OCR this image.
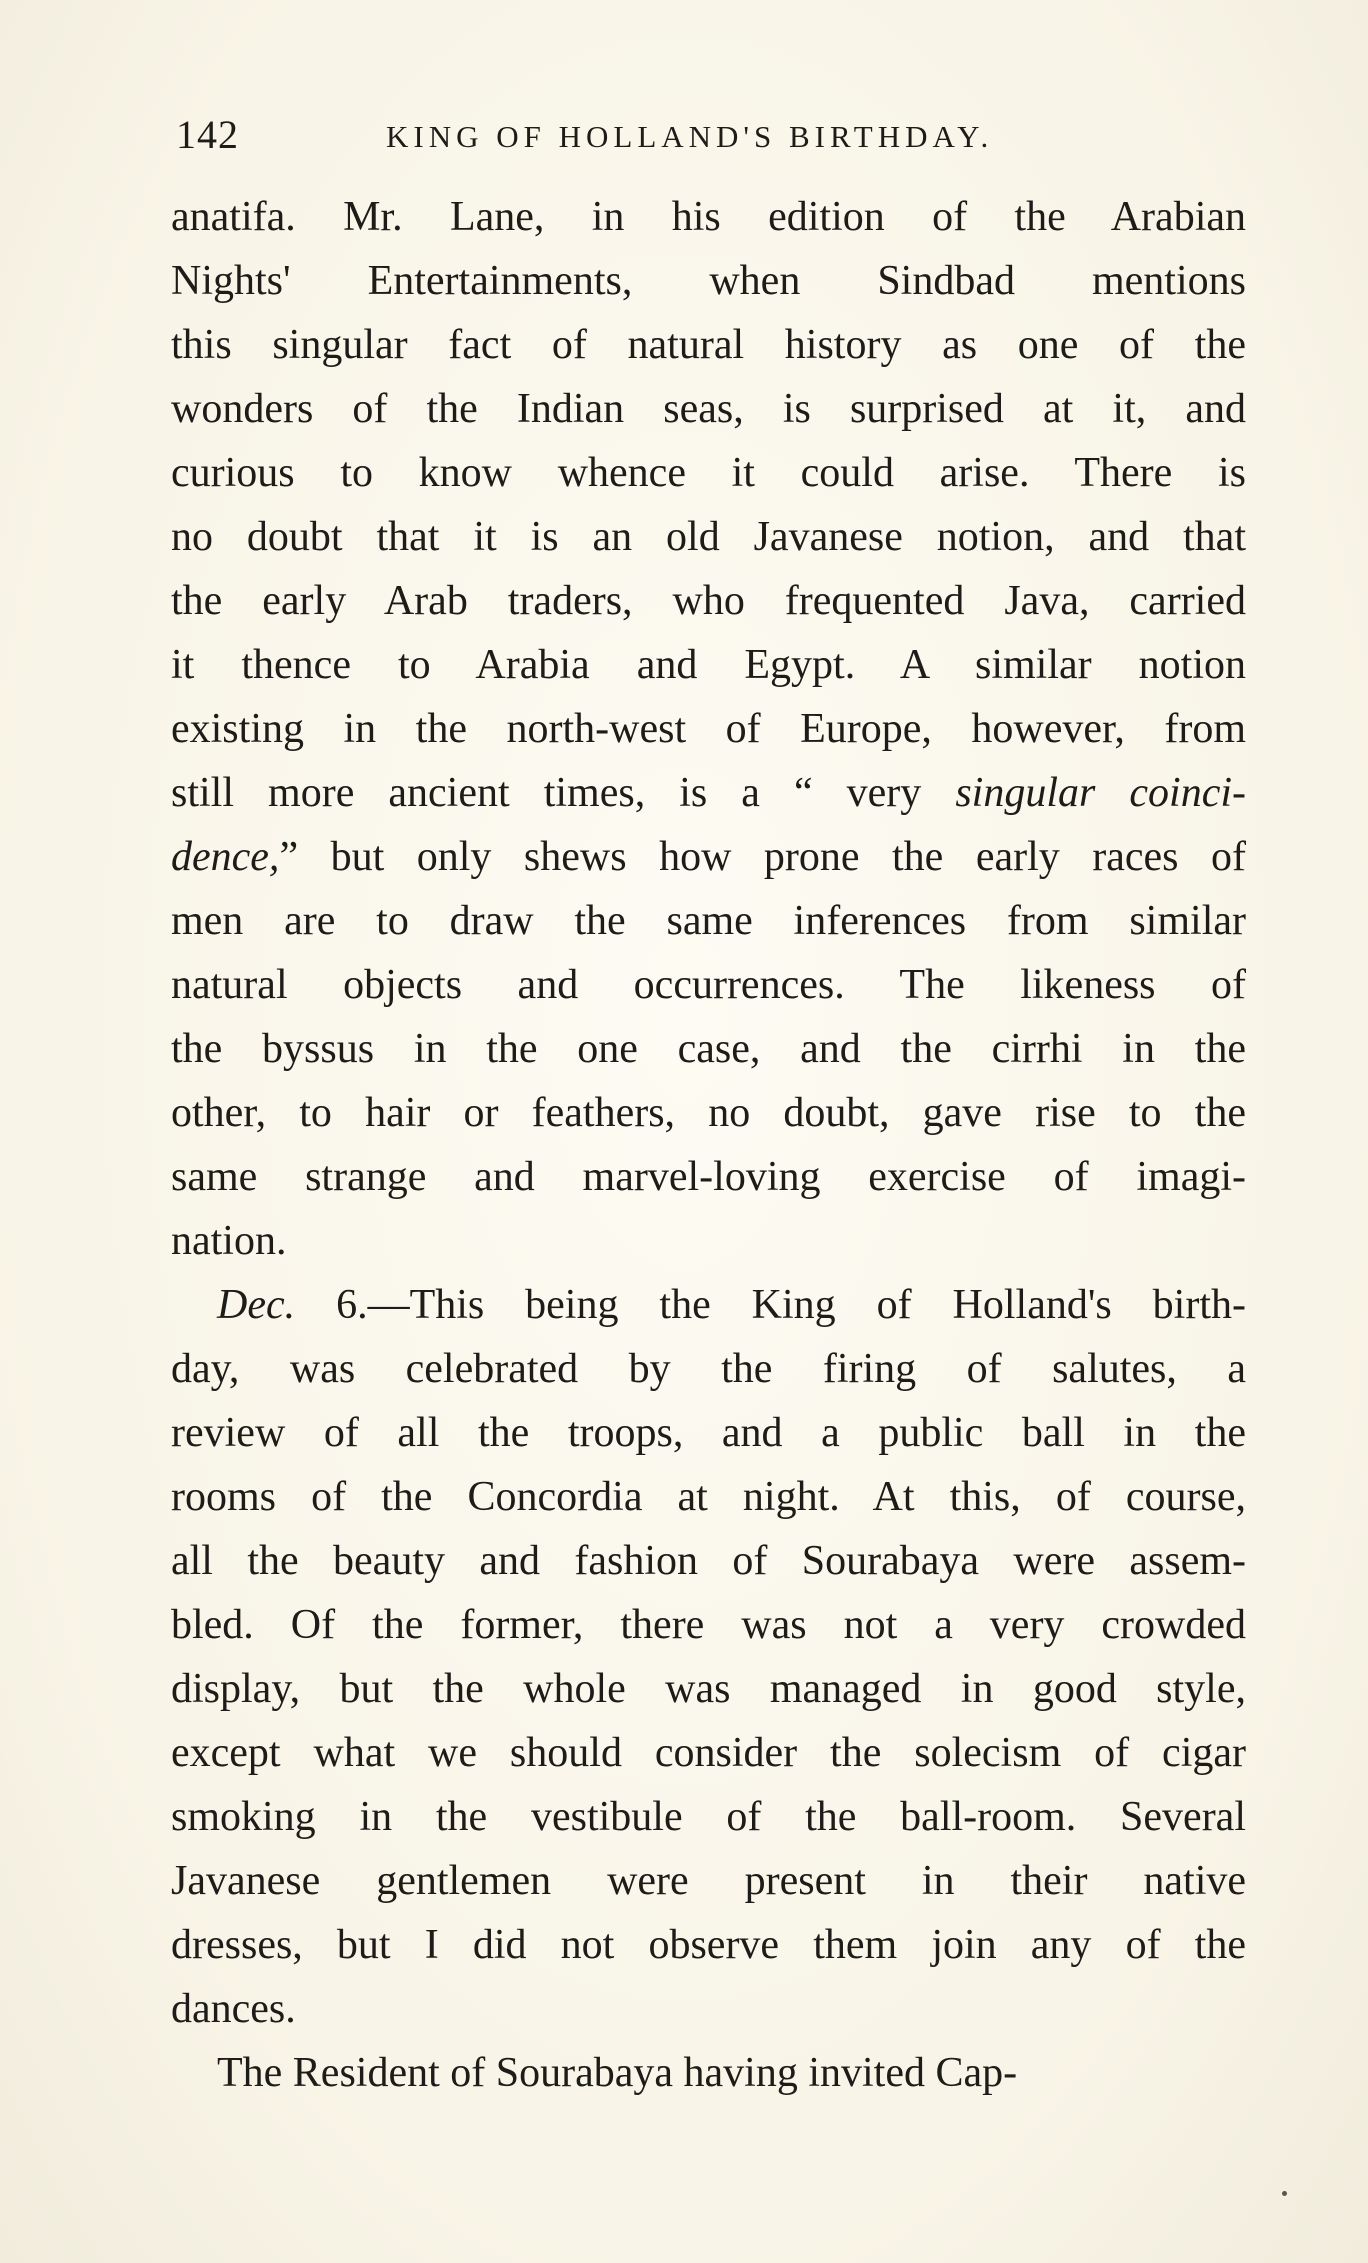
142	KING OF HOLLAND'S BIRTHDAY.
anatifa. Mr. Lane, in his edition of the Arabian
Nights' Entertainments, when Sindbad mentions
this singular fact of natural history as one of the
wonders of the Indian seas, is surprised at it, and
curious to know whence it could arise. There is
no doubt that it is an old Javanese notion, and that
the early Arab traders, who frequented Java, carried
it thence to Arabia and Egypt. A similar notion
existing in the north-west of Europe, however, from
still more ancient times, is a “ very singular coinci-
dence,” but only shews how prone the early races of
men are to draw the same inferences from similar
natural objects and occurrences. The likeness of
the byssus in the one case, and the cirrhi in the
other, to hair or feathers, no doubt, gave rise to the
same strange and marvel-loving exercise of imagi-
nation.
Dec. 6.—This being the King of Holland's birth-
day, was celebrated by the firing of salutes, a
review of all the troops, and a public ball in the
rooms of the Concordia at night. At this, of course,
all the beauty and fashion of Sourabaya were assem-
bled. Of the former, there was not a very crowded
display, but the whole was managed in good style,
except what we should consider the solecism of cigar
smoking in the vestibule of the ball-room. Several
Javanese gentlemen were present in their native
dresses, but I did not observe them join any of the
dances.
The Resident of Sourabaya having invited Cap-
